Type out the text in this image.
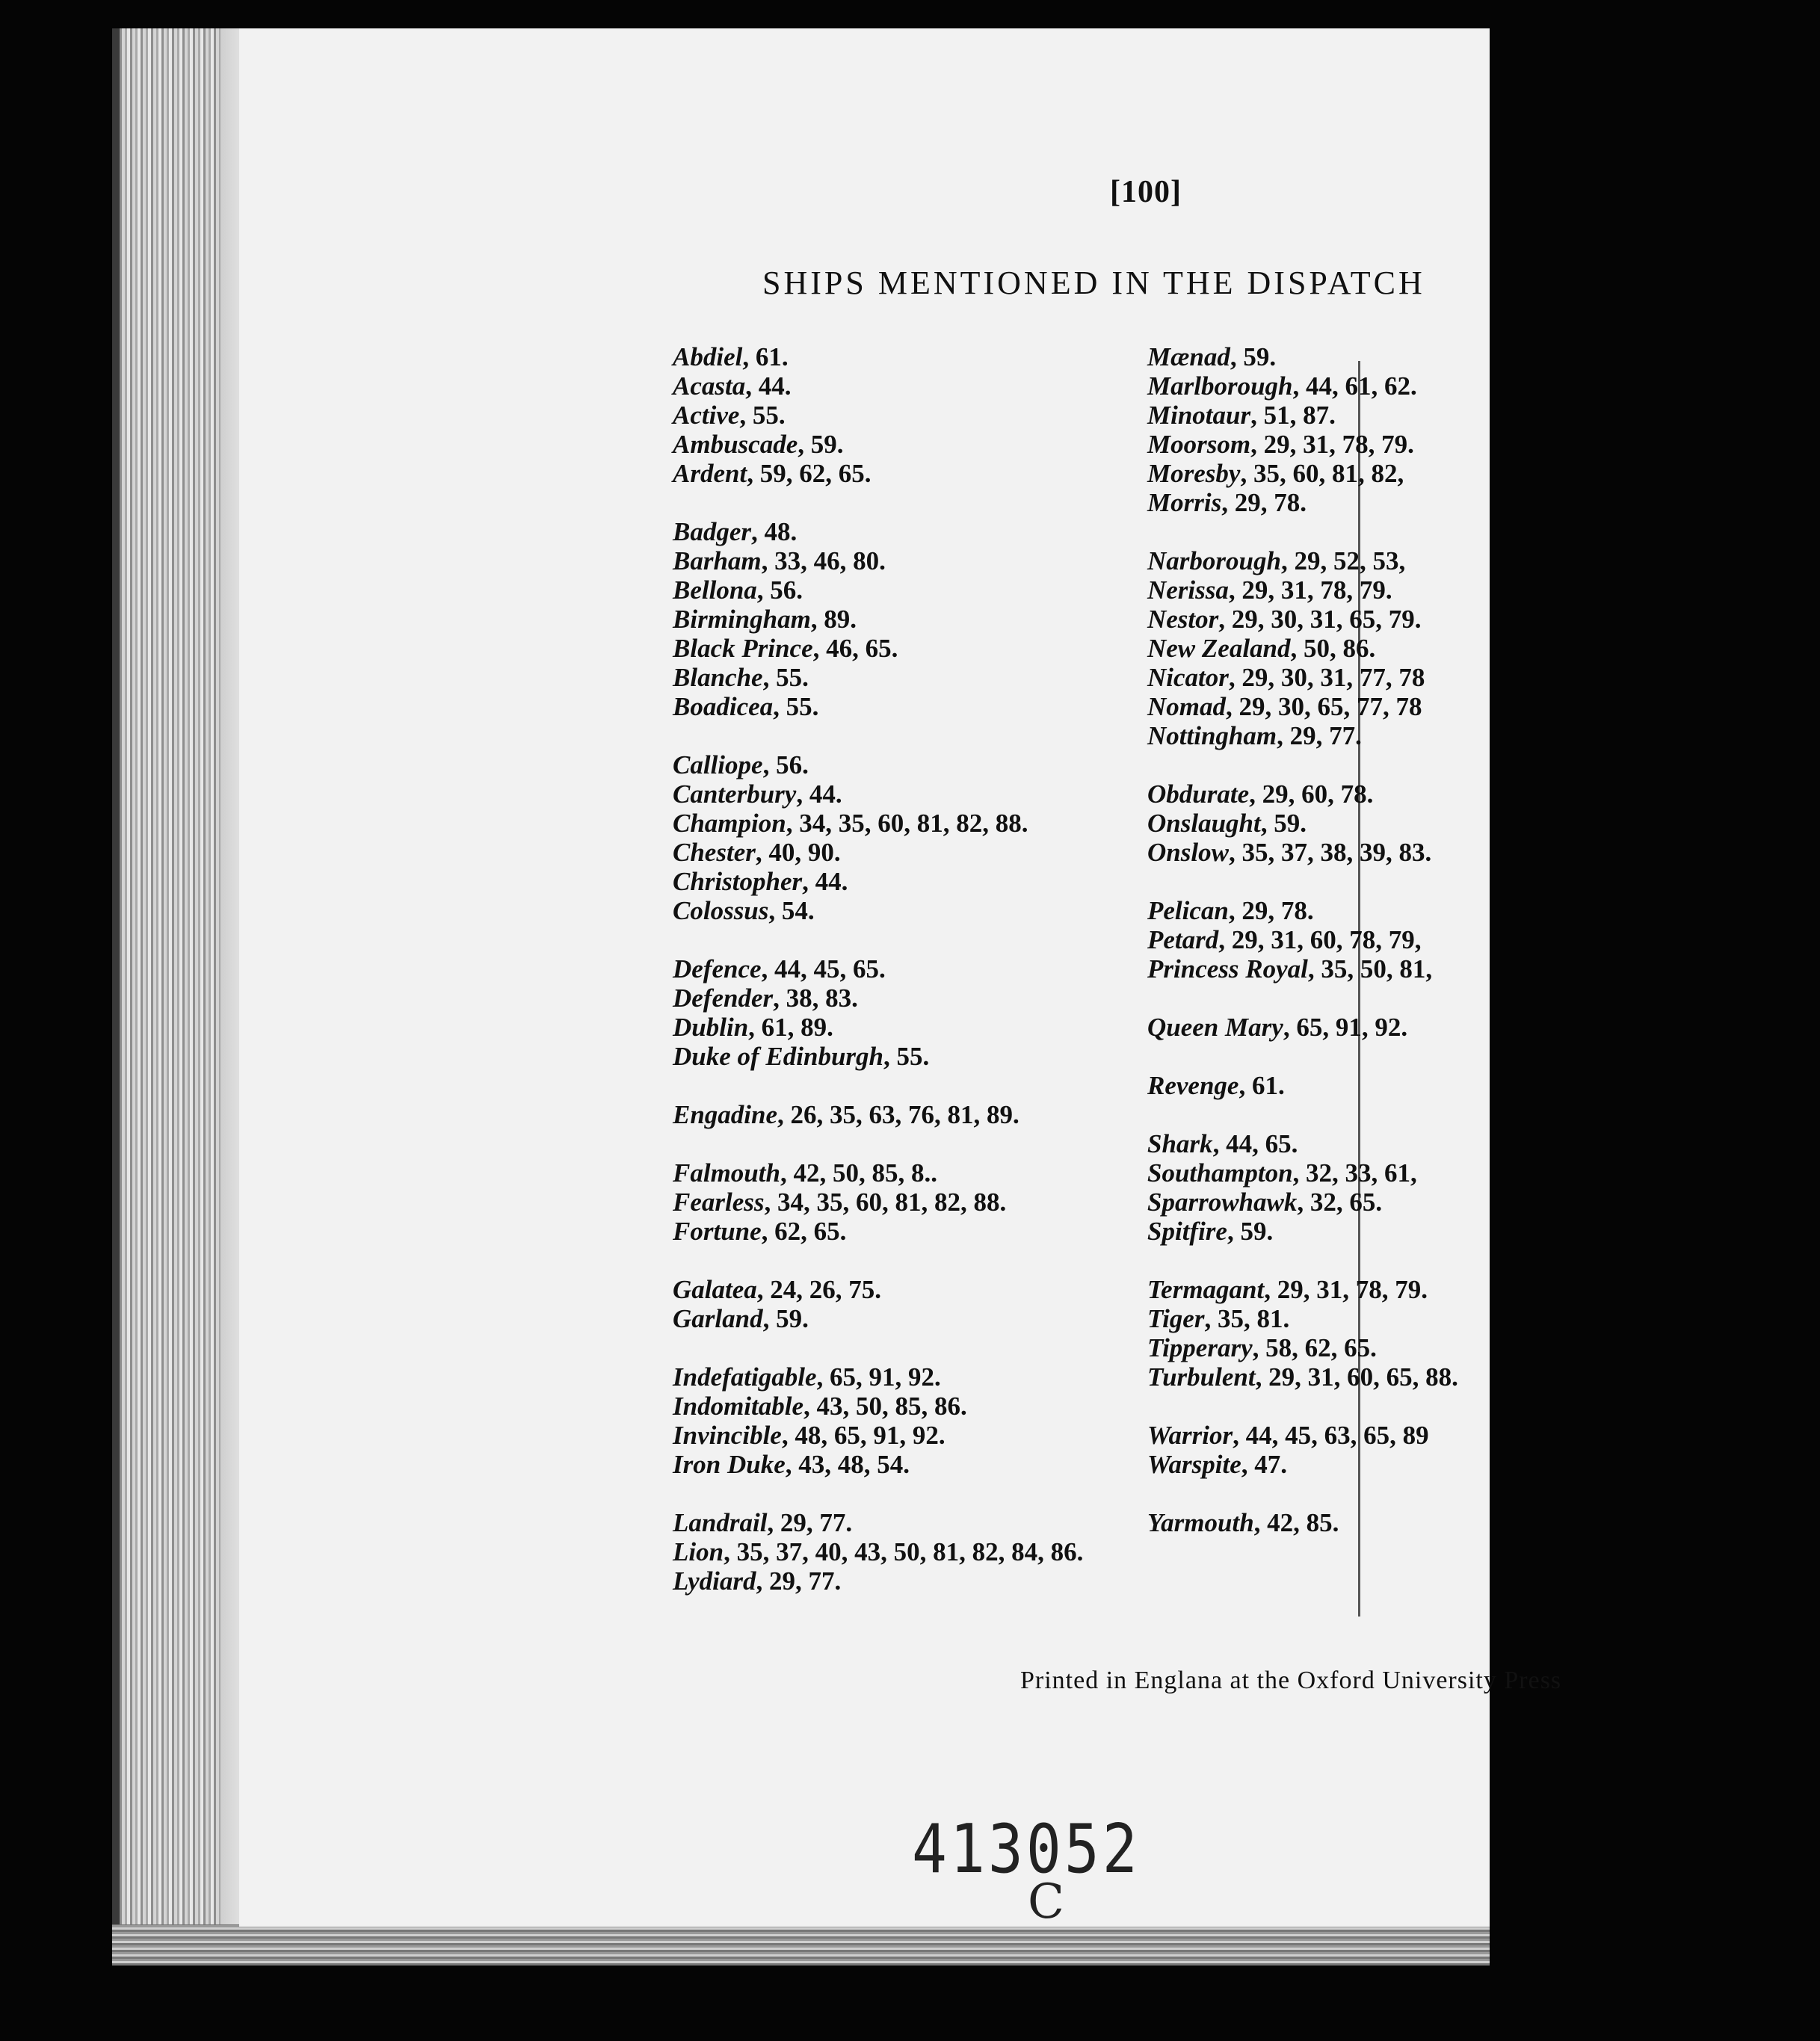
[100]
SHIPS MENTIONED IN THE DISPATCH
Abdiel, 61.
Acasta, 44.
Active, 55.
Ambuscade, 59.
Ardent, 59, 62, 65.
Badger, 48.
Barham, 33, 46, 80.
Bellona, 56.
Birmingham, 89.
Black Prince, 46, 65.
Blanche, 55.
Boadicea, 55.
Calliope, 56.
Canterbury, 44.
Champion, 34, 35, 60, 81, 82, 88.
Chester, 40, 90.
Christopher, 44.
Colossus, 54.
Defence, 44, 45, 65.
Defender, 38, 83.
Dublin, 61, 89.
Duke of Edinburgh, 55.
Engadine, 26, 35, 63, 76, 81, 89.
Falmouth, 42, 50, 85, 8..
Fearless, 34, 35, 60, 81, 82, 88.
Fortune, 62, 65.
Galatea, 24, 26, 75.
Garland, 59.
Indefatigable, 65, 91, 92.
Indomitable, 43, 50, 85, 86.
Invincible, 48, 65, 91, 92.
Iron Duke, 43, 48, 54.
Landrail, 29, 77.
Lion, 35, 37, 40, 43, 50, 81, 82, 84, 86.
Lydiard, 29, 77.
Mænad, 59.
Marlborough, 44, 61, 62.
Minotaur, 51, 87.
Moorsom, 29, 31, 78, 79.
Moresby, 35, 60, 81, 82,
Morris, 29, 78.
Narborough, 29, 52, 53,
Nerissa, 29, 31, 78, 79.
Nestor, 29, 30, 31, 65, 79.
New Zealand, 50, 86.
Nicator, 29, 30, 31, 77, 78
Nomad, 29, 30, 65, 77, 78
Nottingham, 29, 77.
Obdurate, 29, 60, 78.
Onslaught, 59.
Onslow, 35, 37, 38, 39, 83.
Pelican, 29, 78.
Petard, 29, 31, 60, 78, 79,
Princess Royal, 35, 50, 81,
Queen Mary, 65, 91, 92.
Revenge, 61.
Shark, 44, 65.
Southampton, 32, 33, 61,
Sparrowhawk, 32, 65.
Spitfire, 59.
Termagant, 29, 31, 78, 79.
Tiger, 35, 81.
Tipperary, 58, 62, 65.
Turbulent, 29, 31, 60, 65, 88.
Warrior, 44, 45, 63, 65, 89
Warspite, 47.
Yarmouth, 42, 85.
Printed in Englana at the Oxford University Press
413052
C
